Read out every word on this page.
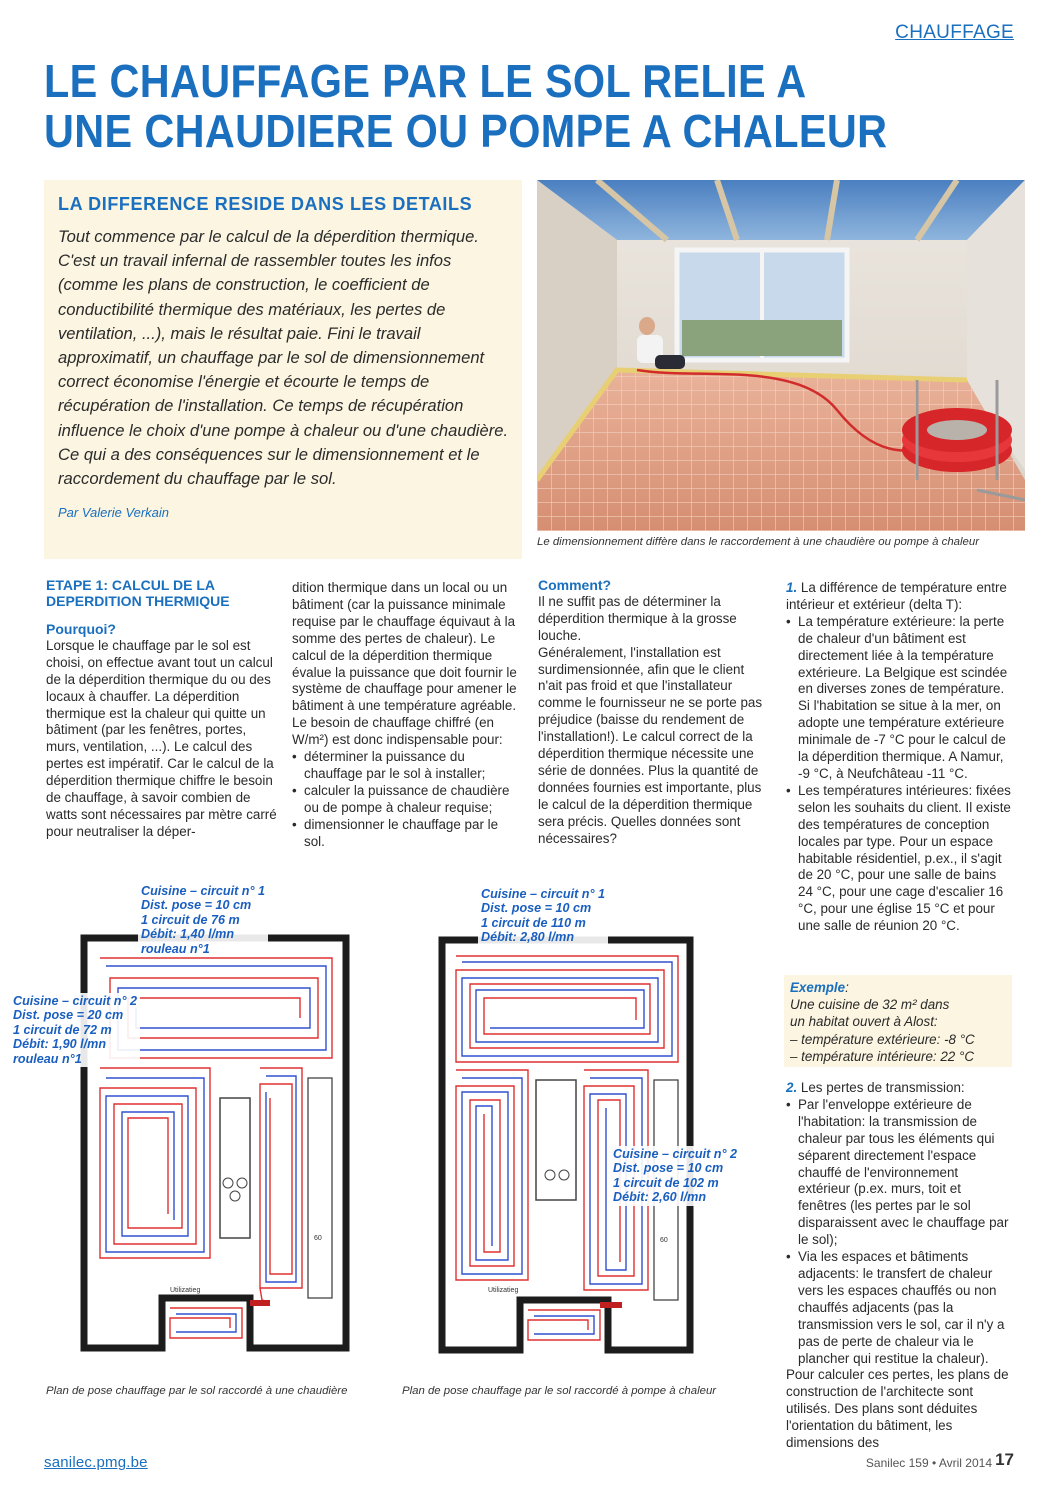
CHAUFFAGE
LE CHAUFFAGE PAR LE SOL RELIE A
UNE CHAUDIERE OU POMPE A CHALEUR
LA DIFFERENCE RESIDE DANS LES DETAILS
Tout commence par le calcul de la déperdition thermique. C'est un travail infernal de rassembler toutes les infos (comme les plans de construction, le coefficient de conductibilité thermique des matériaux, les pertes de ventilation, ...), mais le résultat paie. Fini le travail approximatif, un chauffage par le sol de dimensionnement correct économise l'énergie et écourte le temps de récupération de l'installation. Ce temps de récupération influence le choix d'une pompe à chaleur ou d'une chaudière. Ce qui a des conséquences sur le dimensionnement et le raccordement du chauffage par le sol.
Par Valerie Verkain
Le dimensionnement diffère dans le raccordement à une chaudière ou pompe à chaleur
ETAPE 1: CALCUL DE LA DEPERDITION THERMIQUE
Pourquoi?

Lorsque le chauffage par le sol est choisi, on effectue avant tout un calcul de la déperdition thermique du ou des locaux à chauffer. La déperdition thermique est la chaleur qui quitte un bâtiment (par les fenêtres, portes, murs, ventilation, ...). Le calcul des pertes est impératif. Car le calcul de la déperdition thermique chiffre le besoin de chauffage, à savoir combien de watts sont nécessaires par mètre carré pour neutraliser la déper-

dition thermique dans un local ou un bâtiment (car la puissance minimale requise par le chauffage équivaut à la somme des pertes de chaleur). Le calcul de la déperdition thermique évalue la puissance que doit fournir le système de chauffage pour amener le bâtiment à une température agréable. Le besoin de chauffage chiffré (en W/m²) est donc indispensable pour:

• déterminer la puissance du chauffage par le sol à installer;
• calculer la puissance de chaudière ou de pompe à chaleur requise;
• dimensionner le chauffage par le sol.
Comment?

Il ne suffit pas de déterminer la déperdition thermique à la grosse louche.

Généralement, l'installation est surdimensionnée, afin que le client n'ait pas froid et que l'installateur comme le fournisseur ne se porte pas préjudice (baisse du rendement de l'installation!). Le calcul correct de la déperdition thermique nécessite une série de données. Plus la quantité de données fournies est importante, plus le calcul de la déperdition thermique sera précis. Quelles données sont nécessaires?

1. La différence de température entre intérieur et extérieur (delta T):

• La température extérieure: la perte de chaleur d'un bâtiment est directement liée à la température extérieure. La Belgique est scindée en diverses zones de température. Si l'habitation se situe à la mer, on adopte une température extérieure minimale de -7 °C pour le calcul de la déperdition thermique. A Namur, -9 °C, à Neufchâteau -11 °C.
• Les températures intérieures: fixées selon les souhaits du client. Il existe des températures de conception locales par type. Pour un espace habitable résidentiel, p.ex., il s'agit de 20 °C, pour une salle de bains 24 °C, pour une cage d'escalier 16 °C, pour une église 15 °C et pour une salle de réunion 20 °C.
Exemple:
Une cuisine de 32 m² dans
un habitat ouvert à Alost:
– température extérieure: -8 °C
– température intérieure: 22 °C

2. Les pertes de transmission:

• Par l'enveloppe extérieure de l'habitation: la transmission de chaleur par tous les éléments qui séparent directement l'espace chauffé de l'environnement extérieur (p.ex. murs, toit et fenêtres (les pertes par le sol disparaissent avec le chauffage par le sol);
• Via les espaces et bâtiments adjacents: le transfert de chaleur vers les espaces chauffés ou non chauffés adjacents (pas la transmission vers le sol, car il n'y a pas de perte de chaleur via le plancher qui restitue la chaleur).

Pour calculer ces pertes, les plans de construction de l'architecte sont utilisés. Des plans sont déduites l'orientation du bâtiment, les dimensions des

Utilizatieg
60
Cuisine – circuit n° 1
Dist. pose = 10 cm
1 circuit de 76 m
Débit: 1,40 l/mn
rouleau n°1
Cuisine – circuit n° 2
Dist. pose = 20 cm
1 circuit de 72 m
Débit: 1,90 l/mn
rouleau n°1
Plan de pose chauffage par le sol raccordé à une chaudière
Utilizatieg
60
Cuisine – circuit n° 1
Dist. pose = 10 cm
1 circuit de 110 m
Débit: 2,80 l/mn
Cuisine – circuit n° 2
Dist. pose = 10 cm
1 circuit de 102 m
Débit: 2,60 l/mn
Plan de pose chauffage par le sol raccordé à pompe à chaleur
sanilec.pmg.be	Sanilec 159 • Avril 2014 17
